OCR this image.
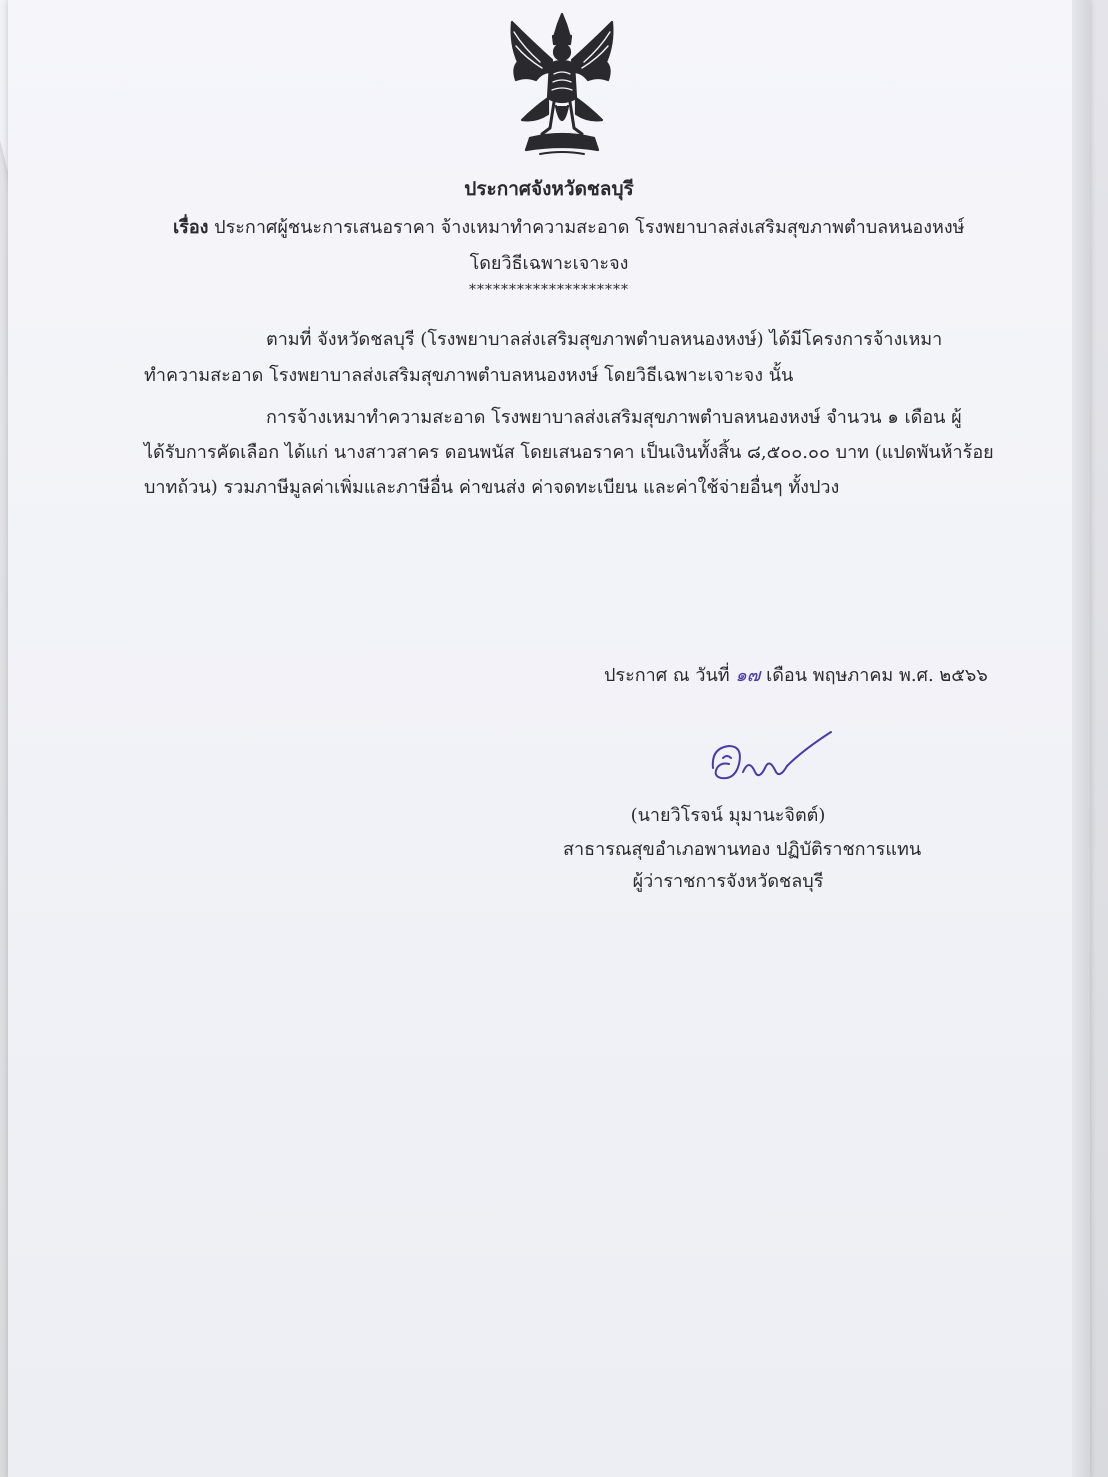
ประกาศจังหวัดชลบุรี
เรื่อง ประกาศผู้ชนะการเสนอราคา จ้างเหมาทำความสะอาด โรงพยาบาลส่งเสริมสุขภาพตำบลหนองหงษ์
โดยวิธีเฉพาะเจาะจง
********************
ตามที่ จังหวัดชลบุรี (โรงพยาบาลส่งเสริมสุขภาพตำบลหนองหงษ์) ได้มีโครงการจ้างเหมา
ทำความสะอาด โรงพยาบาลส่งเสริมสุขภาพตำบลหนองหงษ์ โดยวิธีเฉพาะเจาะจง นั้น
การจ้างเหมาทำความสะอาด โรงพยาบาลส่งเสริมสุขภาพตำบลหนองหงษ์ จำนวน ๑ เดือน ผู้
ได้รับการคัดเลือก ได้แก่ นางสาวสาคร ดอนพนัส โดยเสนอราคา เป็นเงินทั้งสิ้น ๘,๕๐๐.๐๐ บาท (แปดพันห้าร้อย
บาทถ้วน) รวมภาษีมูลค่าเพิ่มและภาษีอื่น ค่าขนส่ง ค่าจดทะเบียน และค่าใช้จ่ายอื่นๆ ทั้งปวง
ประกาศ ณ วันที่ ๑๗ เดือน พฤษภาคม พ.ศ. ๒๕๖๖
(นายวิโรจน์ มุมานะจิตต์)
สาธารณสุขอำเภอพานทอง ปฏิบัติราชการแทน
ผู้ว่าราชการจังหวัดชลบุรี
